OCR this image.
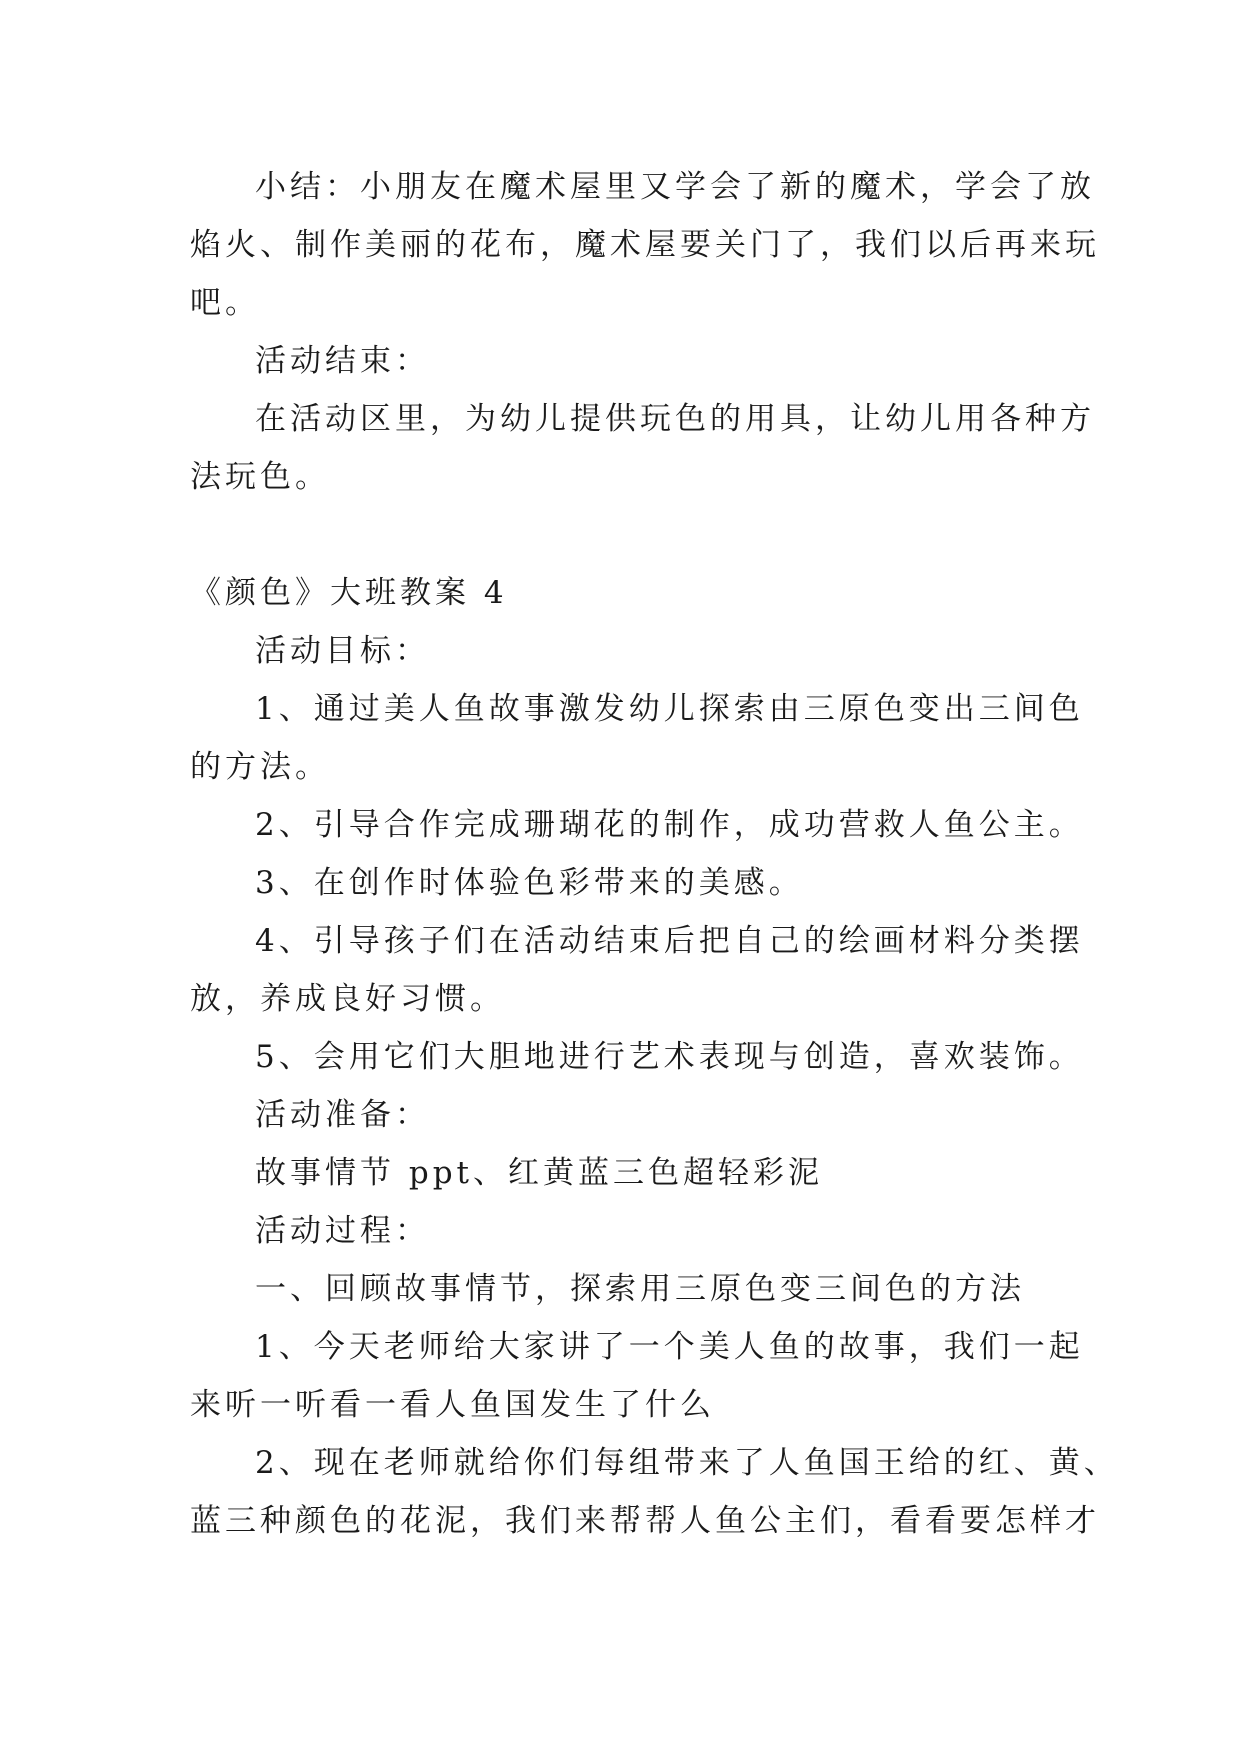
小结：小朋友在魔术屋里又学会了新的魔术，学会了放
焰火、制作美丽的花布，魔术屋要关门了，我们以后再来玩
吧。
活动结束：
在活动区里，为幼儿提供玩色的用具，让幼儿用各种方
法玩色。
《颜色》大班教案 4
活动目标：
1、通过美人鱼故事激发幼儿探索由三原色变出三间色
的方法。
2、引导合作完成珊瑚花的制作，成功营救人鱼公主。
3、在创作时体验色彩带来的美感。
4、引导孩子们在活动结束后把自己的绘画材料分类摆
放，养成良好习惯。
5、会用它们大胆地进行艺术表现与创造，喜欢装饰。
活动准备：
故事情节 ppt、红黄蓝三色超轻彩泥
活动过程：
一、回顾故事情节，探索用三原色变三间色的方法
1、今天老师给大家讲了一个美人鱼的故事，我们一起
来听一听看一看人鱼国发生了什么
2、现在老师就给你们每组带来了人鱼国王给的红、黄、
蓝三种颜色的花泥，我们来帮帮人鱼公主们，看看要怎样才
